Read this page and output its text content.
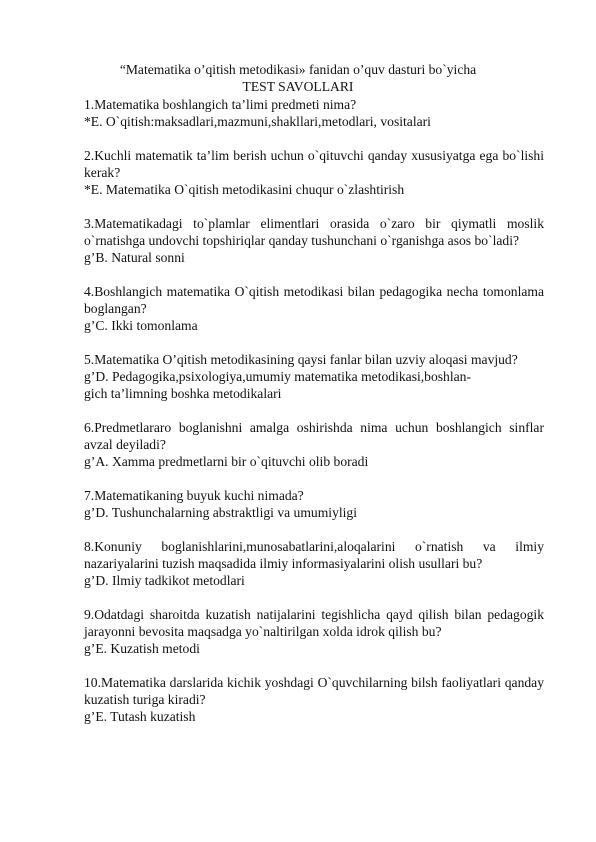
“Matematika o’qitish metodikasi» fanidan o’quv dasturi bo`yicha
TEST SAVOLLARI
1.Matematika boshlangich ta’limi predmeti nima?
*E. O`qitish:maksadlari,mazmuni,shakllari,metodlari, vositalari
2.Kuchli matematik ta’lim berish uchun o`qituvchi qanday xususiyatga ega bo`lishi
kerak?
*E. Matematika O`qitish metodikasini chuqur o`zlashtirish
3.Matematikadagi to`plamlar elimentlari orasida o`zaro bir qiymatli moslik
o`rnatishga undovchi topshiriqlar qanday tushunchani o`rganishga asos bo`ladi?
g’B. Natural sonni
4.Boshlangich matematika O`qitish metodikasi bilan pedagogika necha tomonlama
boglangan?
g’C. Ikki tomonlama
5.Matematika O’qitish metodikasining qaysi fanlar bilan uzviy aloqasi mavjud?
g’D. Pedagogika,psixologiya,umumiy matematika metodikasi,boshlan-
gich ta’limning boshka metodikalari
6.Predmetlararo boglanishni amalga oshirishda nima uchun boshlangich sinflar
avzal deyiladi?
g’A. Xamma predmetlarni bir o`qituvchi olib boradi
7.Matematikaning buyuk kuchi nimada?
g’D. Tushunchalarning abstraktligi va umumiyligi
8.Konuniy boglanishlarini,munosabatlarini,aloqalarini o`rnatish va ilmiy
nazariyalarini tuzish maqsadida ilmiy informasiyalarini olish usullari bu?
g’D. Ilmiy tadkikot metodlari
9.Odatdagi sharoitda kuzatish natijalarini tegishlicha qayd qilish bilan pedagogik
jarayonni bevosita maqsadga yo`naltirilgan xolda idrok qilish bu?
g’E. Kuzatish metodi
10.Matematika darslarida kichik yoshdagi O`quvchilarning bilsh faoliyatlari qanday
kuzatish turiga kiradi?
g’E. Tutash kuzatish
